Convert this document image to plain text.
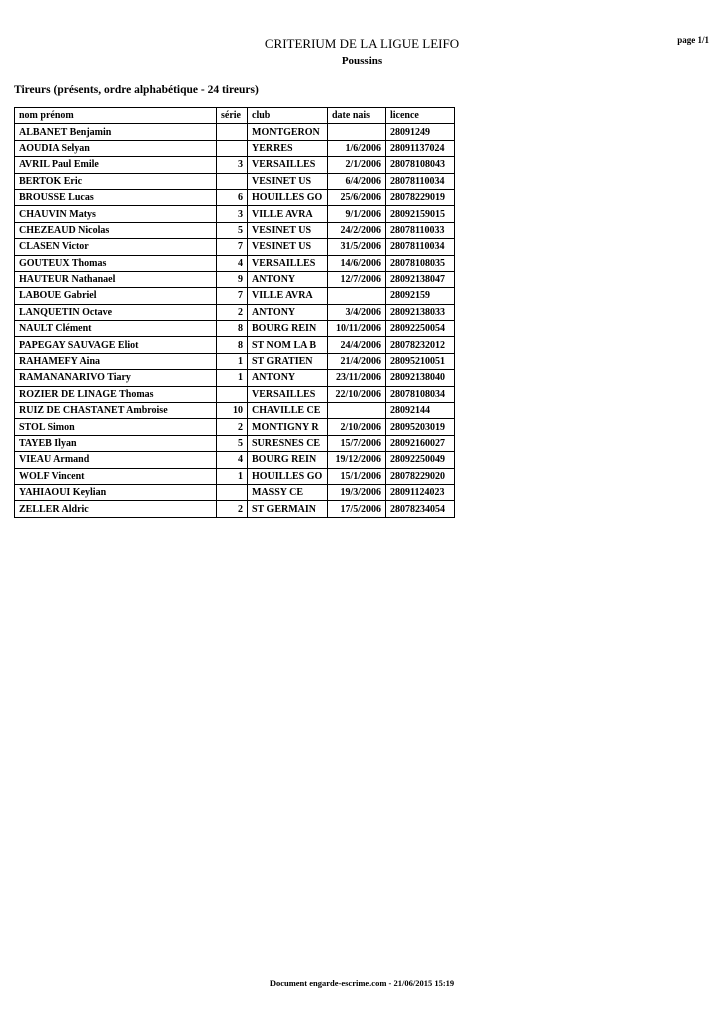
CRITERIUM DE LA LIGUE LEIFO
Poussins
page 1/1
Tireurs (présents, ordre alphabétique - 24 tireurs)
nom prénom	série	club	date nais	licence
ALBANET Benjamin		MONTGERON		28091249
AOUDIA Selyan		YERRES	1/6/2006	28091137024
AVRIL Paul Emile	3	VERSAILLES	2/1/2006	28078108043
BERTOK Eric		VESINET US	6/4/2006	28078110034
BROUSSE Lucas	6	HOUILLES GO	25/6/2006	28078229019
CHAUVIN Matys	3	VILLE AVRA	9/1/2006	28092159015
CHEZEAUD Nicolas	5	VESINET US	24/2/2006	28078110033
CLASEN Victor	7	VESINET US	31/5/2006	28078110034
GOUTEUX Thomas	4	VERSAILLES	14/6/2006	28078108035
HAUTEUR Nathanael	9	ANTONY	12/7/2006	28092138047
LABOUE Gabriel	7	VILLE AVRA		28092159
LANQUETIN Octave	2	ANTONY	3/4/2006	28092138033
NAULT Clément	8	BOURG REIN	10/11/2006	28092250054
PAPEGAY SAUVAGE Eliot	8	ST NOM LA B	24/4/2006	28078232012
RAHAMEFY Aina	1	ST GRATIEN	21/4/2006	28095210051
RAMANANARIVO Tiary	1	ANTONY	23/11/2006	28092138040
ROZIER DE LINAGE Thomas		VERSAILLES	22/10/2006	28078108034
RUIZ DE CHASTANET Ambroise	10	CHAVILLE CE		28092144
STOL Simon	2	MONTIGNY R	2/10/2006	28095203019
TAYEB Ilyan	5	SURESNES CE	15/7/2006	28092160027
VIEAU Armand	4	BOURG REIN	19/12/2006	28092250049
WOLF Vincent	1	HOUILLES GO	15/1/2006	28078229020
YAHIAOUI Keylian		MASSY CE	19/3/2006	28091124023
ZELLER Aldric	2	ST GERMAIN	17/5/2006	28078234054
Document engarde-escrime.com - 21/06/2015 15:19
